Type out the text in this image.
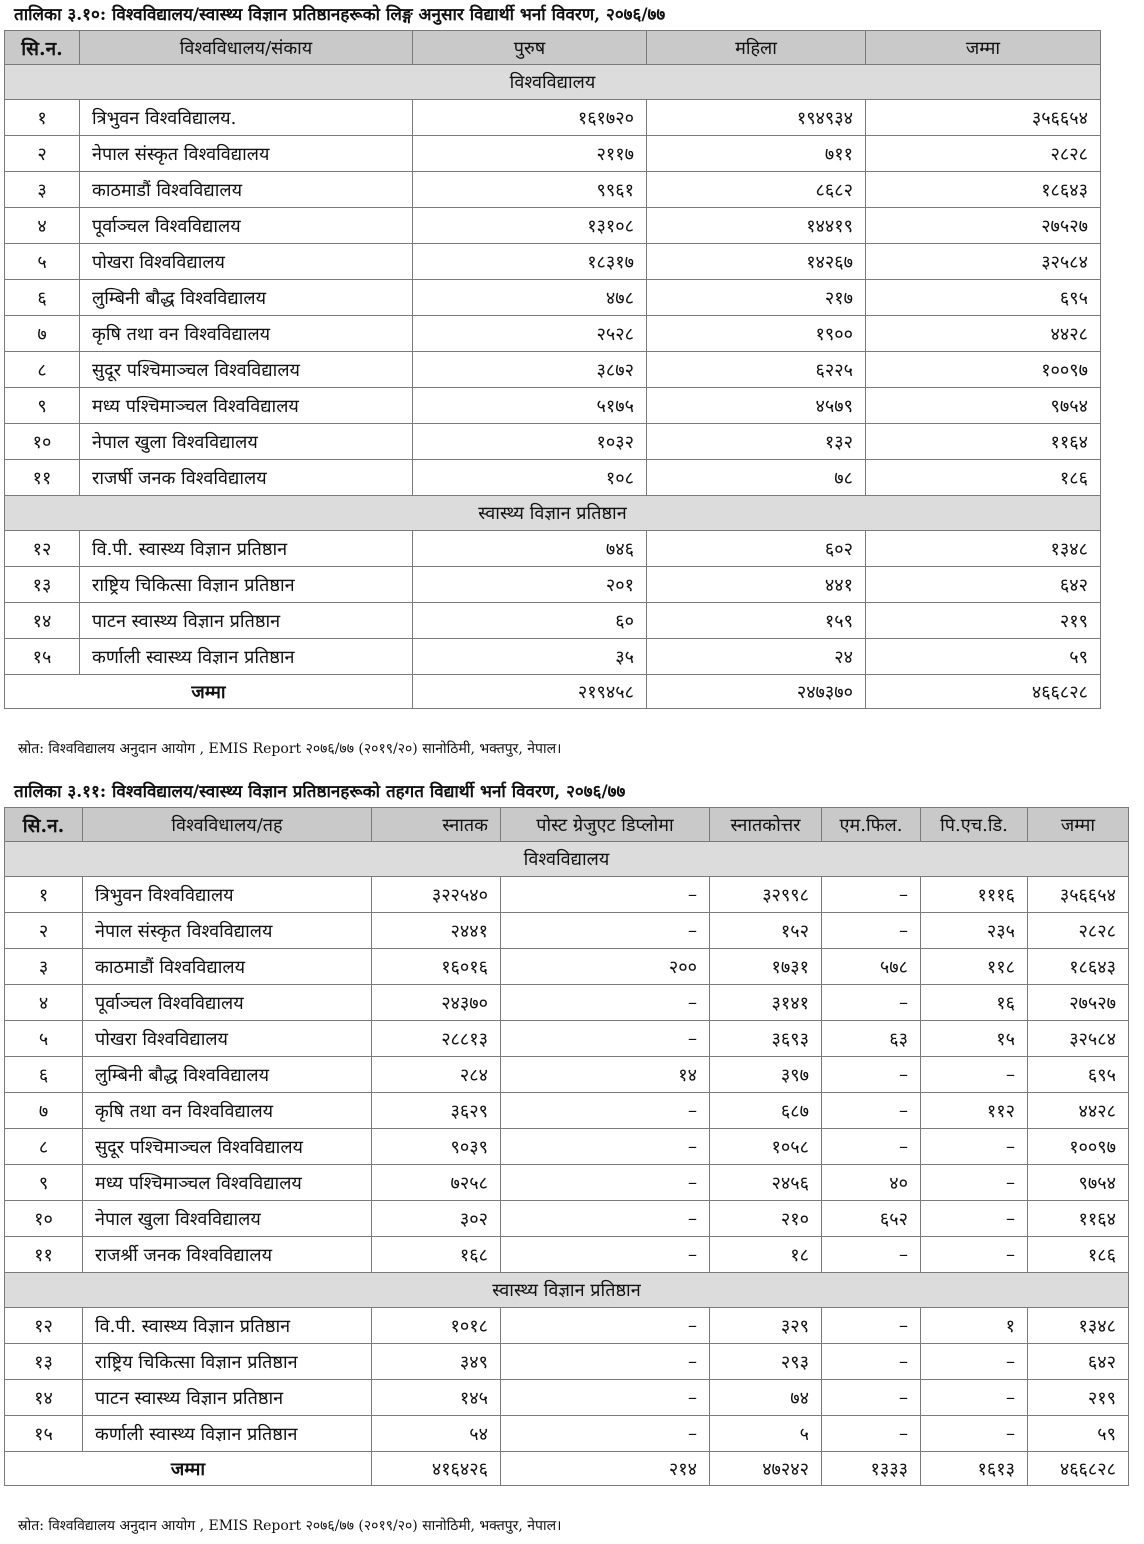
तालिका ३.१०: विश्वविद्यालय/स्वास्थ्य विज्ञान प्रतिष्ठानहरूको लिङ्ग अनुसार विद्यार्थी भर्ना विवरण, २०७६/७७
सि.न.	विश्वविधालय/संकाय	पुरुष	महिला	जम्मा
विश्वविद्यालय				
१	त्रिभुवन विश्वविद्यालय.	१६१७२०	१९४९३४	३५६६५४
२	नेपाल संस्कृत विश्वविद्यालय	२११७	७११	२८२८
३	काठमाडौं विश्वविद्यालय	९९६१	८६८२	१८६४३
४	पूर्वाञ्चल विश्वविद्यालय	१३१०८	१४४१९	२७५२७
५	पोखरा विश्वविद्यालय	१८३१७	१४२६७	३२५८४
६	लुम्बिनी बौद्ध विश्वविद्यालय	४७८	२१७	६९५
७	कृषि तथा वन विश्वविद्यालय	२५२८	१९००	४४२८
८	सुदूर पश्चिमाञ्चल विश्वविद्यालय	३८७२	६२२५	१००९७
९	मध्य पश्चिमाञ्चल विश्वविद्यालय	५१७५	४५७९	९७५४
१०	नेपाल खुला विश्वविद्यालय	१०३२	१३२	११६४
११	राजर्षी जनक विश्वविद्यालय	१०८	७८	१८६
स्वास्थ्य विज्ञान प्रतिष्ठान				
१२	वि.पी. स्वास्थ्य विज्ञान प्रतिष्ठान	७४६	६०२	१३४८
१३	राष्ट्रिय चिकित्सा विज्ञान प्रतिष्ठान	२०१	४४१	६४२
१४	पाटन स्वास्थ्य विज्ञान प्रतिष्ठान	६०	१५९	२१९
१५	कर्णाली स्वास्थ्य विज्ञान प्रतिष्ठान	३५	२४	५९
जम्मा		२१९४५८	२४७३७०	४६६८२८
स्रोत: विश्वविद्यालय अनुदान आयोग , EMIS Report २०७६/७७ (२०१९/२०) सानोठिमी, भक्तपुर, नेपाल।
तालिका ३.११: विश्वविद्यालय/स्वास्थ्य विज्ञान प्रतिष्ठानहरूको तहगत विद्यार्थी भर्ना विवरण, २०७६/७७
सि.न.	विश्वविधालय/तह	स्नातक	पोस्ट ग्रेजुएट डिप्लोमा	स्नातकोत्तर	एम.फिल.	पि.एच.डि.	जम्मा
विश्वविद्यालय							
१	त्रिभुवन विश्वविद्यालय	३२२५४०	–	३२९९८	–	१११६	३५६६५४
२	नेपाल संस्कृत विश्वविद्यालय	२४४१	–	१५२	–	२३५	२८२८
३	काठमाडौं विश्वविद्यालय	१६०१६	२००	१७३१	५७८	११८	१८६४३
४	पूर्वाञ्चल विश्वविद्यालय	२४३७०	–	३१४१	–	१६	२७५२७
५	पोखरा विश्वविद्यालय	२८८१३	–	३६९३	६३	१५	३२५८४
६	लुम्बिनी बौद्ध विश्वविद्यालय	२८४	१४	३९७	–	–	६९५
७	कृषि तथा वन विश्वविद्यालय	३६२९	–	६८७	–	११२	४४२८
८	सुदूर पश्चिमाञ्चल विश्वविद्यालय	९०३९	–	१०५८	–	–	१००९७
९	मध्य पश्चिमाञ्चल विश्वविद्यालय	७२५८	–	२४५६	४०	–	९७५४
१०	नेपाल खुला विश्वविद्यालय	३०२	–	२१०	६५२	–	११६४
११	राजर्श्री जनक विश्वविद्यालय	१६८	–	१८	–	–	१८६
स्वास्थ्य विज्ञान प्रतिष्ठान							
१२	वि.पी. स्वास्थ्य विज्ञान प्रतिष्ठान	१०१८	–	३२९	–	१	१३४८
१३	राष्ट्रिय चिकित्सा विज्ञान प्रतिष्ठान	३४९	–	२९३	–	–	६४२
१४	पाटन स्वास्थ्य विज्ञान प्रतिष्ठान	१४५	–	७४	–	–	२१९
१५	कर्णाली स्वास्थ्य विज्ञान प्रतिष्ठान	५४	–	५	–	–	५९
जम्मा		४१६४२६	२१४	४७२४२	१३३३	१६१३	४६६८२८
स्रोत: विश्वविद्यालय अनुदान आयोग , EMIS Report २०७६/७७ (२०१९/२०) सानोठिमी, भक्तपुर, नेपाल।
